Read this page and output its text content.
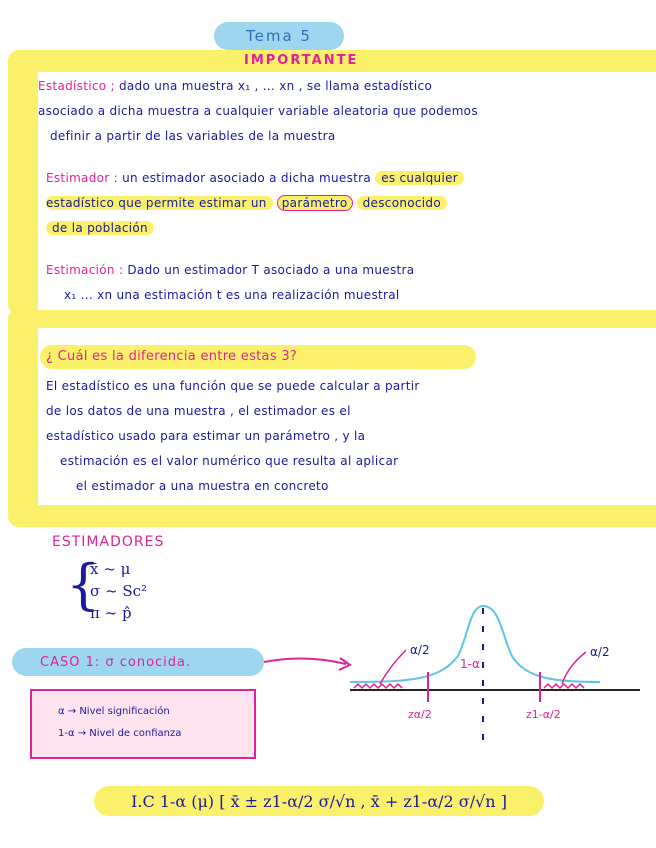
Tema 5
IMPORTANTE
Estadístico ; dado una muestra x₁ , ... xn , se llama estadístico
asociado a dicha muestra a cualquier variable aleatoria que podemos
definir a partir de las variables de la muestra
Estimador : un estimador asociado a dicha muestra es cualquier
estadístico que permite estimar un parámetro desconocido
de la población
Estimación : Dado un estimador T asociado a una muestra
x₁ ... xn una estimación t es una realización muestral
¿ Cuál es la diferencia entre estas 3?
El estadístico es una función que se puede calcular a partir
de los datos de una muestra , el estimador es el
estadístico usado para estimar un parámetro , y la
estimación es el valor numérico que resulta al aplicar
el estimador a una muestra en concreto
ESTIMADORES
{
x̄ ~ μ
σ ~ Sc²
π ~ p̂
CASO 1: σ conocida.
α → Nivel significación
1-α → Nivel de confianza
α/2	α/2
1-α
zα/2	z1-α/2
I.C 1-α (μ) [ x̄ ± z1-α/2 σ/√n , x̄ + z1-α/2 σ/√n ]
